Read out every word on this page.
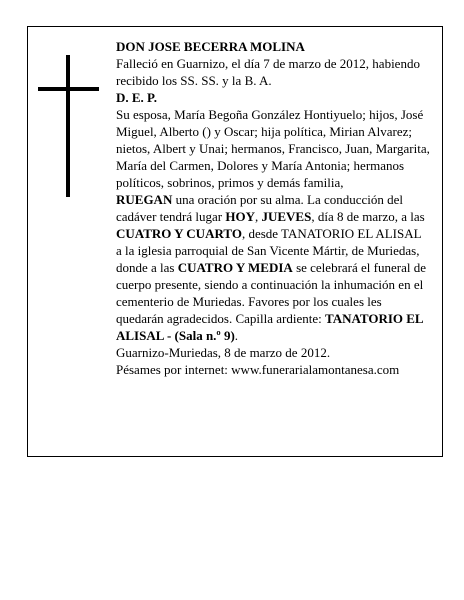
DON JOSE BECERRA MOLINA

Falleció en Guarnizo, el día 7 de marzo de 2012, habiendo recibido los SS. SS. y la B. A.

D. E. P.

Su esposa, María Begoña González Hontiyuelo; hijos, José Miguel, Alberto () y Oscar; hija política, Mirian Alvarez; nietos, Albert y Unai; hermanos, Francisco, Juan, Margarita, María del Carmen, Dolores y María Antonia; hermanos políticos, sobrinos, primos y demás familia,

RUEGAN una oración por su alma. La conducción del cadáver tendrá lugar HOY, JUEVES, día 8 de marzo, a las CUATRO Y CUARTO, desde TANATORIO EL ALISAL a la iglesia parroquial de San Vicente Mártir, de Muriedas, donde a las CUATRO Y MEDIA se celebrará el funeral de cuerpo presente, siendo a continuación la inhumación en el cementerio de Muriedas. Favores por los cuales les quedarán agradecidos. Capilla ardiente: TANATORIO EL ALISAL - (Sala n.º 9).

Guarnizo-Muriedas, 8 de marzo de 2012.

Pésames por internet: www.funerarialamontanesa.com
